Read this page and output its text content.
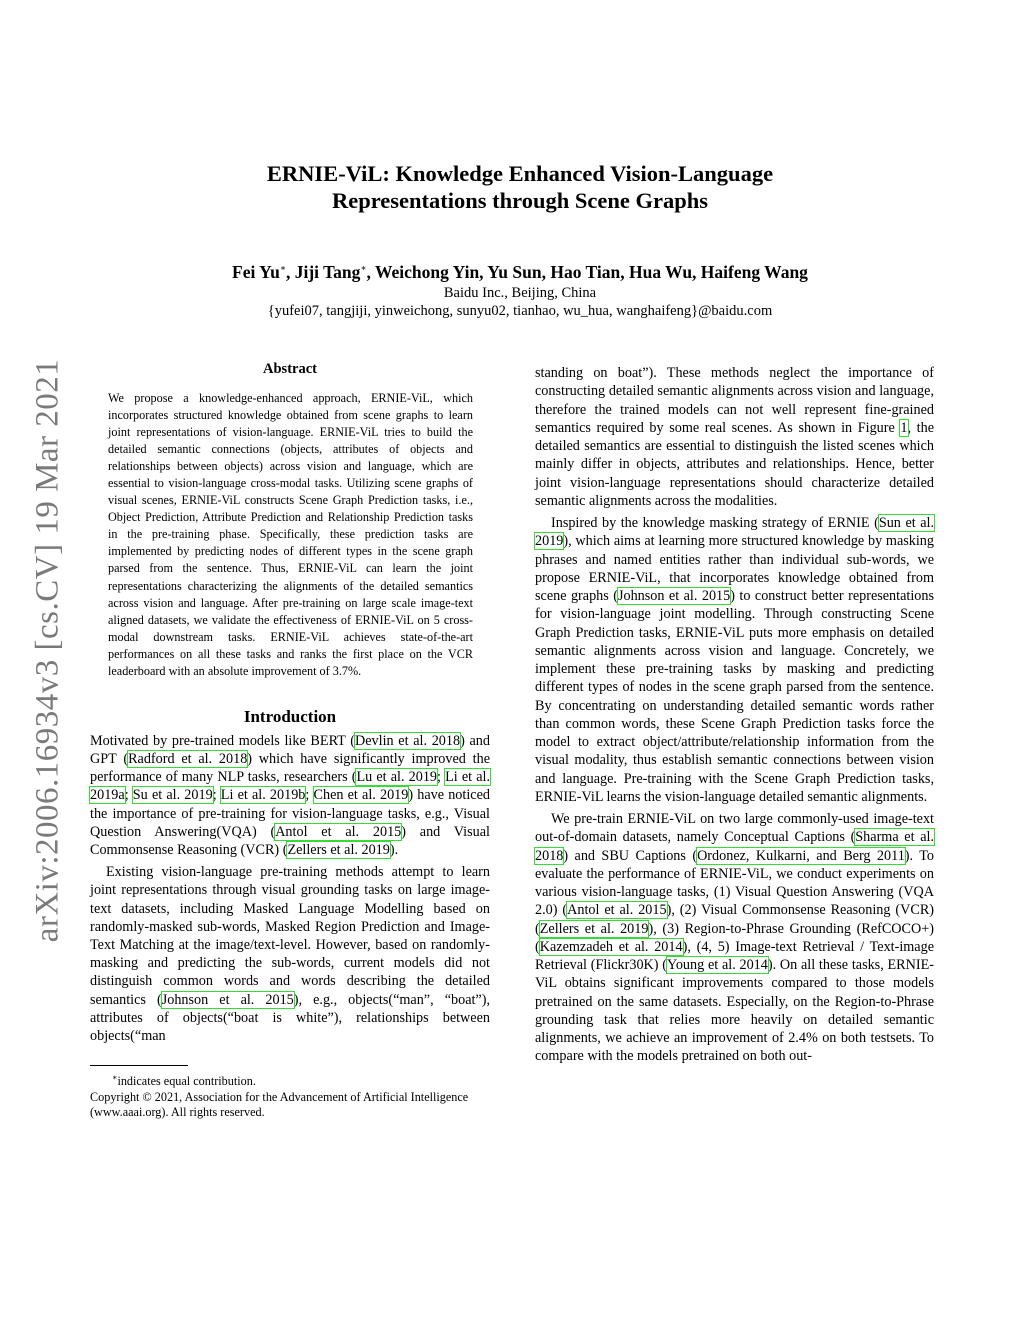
arXiv:2006.16934v3 [cs.CV] 19 Mar 2021
ERNIE-ViL: Knowledge Enhanced Vision-Language
Representations through Scene Graphs
Fei Yu∗, Jiji Tang∗, Weichong Yin, Yu Sun, Hao Tian, Hua Wu, Haifeng Wang
Baidu Inc., Beijing, China
{yufei07, tangjiji, yinweichong, sunyu02, tianhao, wu_hua, wanghaifeng}@baidu.com
Abstract

We propose a knowledge-enhanced approach, ERNIE-ViL, which incorporates structured knowledge obtained from scene graphs to learn joint representations of vision-language. ERNIE-ViL tries to build the detailed semantic connections (objects, attributes of objects and relationships between objects) across vision and language, which are essential to vision-language cross-modal tasks. Utilizing scene graphs of visual scenes, ERNIE-ViL constructs Scene Graph Prediction tasks, i.e., Object Prediction, Attribute Prediction and Relationship Prediction tasks in the pre-training phase. Specifically, these prediction tasks are implemented by predicting nodes of different types in the scene graph parsed from the sentence. Thus, ERNIE-ViL can learn the joint representations characterizing the alignments of the detailed semantics across vision and language. After pre-training on large scale image-text aligned datasets, we validate the effectiveness of ERNIE-ViL on 5 cross-modal downstream tasks. ERNIE-ViL achieves state-of-the-art performances on all these tasks and ranks the first place on the VCR leaderboard with an absolute improvement of 3.7%.

Introduction

Motivated by pre-trained models like BERT (Devlin et al. 2018) and GPT (Radford et al. 2018) which have significantly improved the performance of many NLP tasks, researchers (Lu et al. 2019; Li et al. 2019a; Su et al. 2019; Li et al. 2019b; Chen et al. 2019) have noticed the importance of pre-training for vision-language tasks, e.g., Visual Question Answering(VQA) (Antol et al. 2015) and Visual Commonsense Reasoning (VCR) (Zellers et al. 2019).

Existing vision-language pre-training methods attempt to learn joint representations through visual grounding tasks on large image-text datasets, including Masked Language Modelling based on randomly-masked sub-words, Masked Region Prediction and Image-Text Matching at the image/text-level. However, based on randomly-masking and predicting the sub-words, current models did not distinguish common words and words describing the detailed semantics (Johnson et al. 2015), e.g., objects(“man”, “boat”), attributes of objects(“boat is white”), relationships between objects(“man

∗indicates equal contribution.

Copyright © 2021, Association for the Advancement of Artificial Intelligence (www.aaai.org). All rights reserved.

standing on boat”). These methods neglect the importance of constructing detailed semantic alignments across vision and language, therefore the trained models can not well represent fine-grained semantics required by some real scenes. As shown in Figure 1, the detailed semantics are essential to distinguish the listed scenes which mainly differ in objects, attributes and relationships. Hence, better joint vision-language representations should characterize detailed semantic alignments across the modalities.

Inspired by the knowledge masking strategy of ERNIE (Sun et al. 2019), which aims at learning more structured knowledge by masking phrases and named entities rather than individual sub-words, we propose ERNIE-ViL, that incorporates knowledge obtained from scene graphs (Johnson et al. 2015) to construct better representations for vision-language joint modelling. Through constructing Scene Graph Prediction tasks, ERNIE-ViL puts more emphasis on detailed semantic alignments across vision and language. Concretely, we implement these pre-training tasks by masking and predicting different types of nodes in the scene graph parsed from the sentence. By concentrating on understanding detailed semantic words rather than common words, these Scene Graph Prediction tasks force the model to extract object/attribute/relationship information from the visual modality, thus establish semantic connections between vision and language. Pre-training with the Scene Graph Prediction tasks, ERNIE-ViL learns the vision-language detailed semantic alignments.

We pre-train ERNIE-ViL on two large commonly-used image-text out-of-domain datasets, namely Conceptual Captions (Sharma et al. 2018) and SBU Captions (Ordonez, Kulkarni, and Berg 2011). To evaluate the performance of ERNIE-ViL, we conduct experiments on various vision-language tasks, (1) Visual Question Answering (VQA 2.0) (Antol et al. 2015), (2) Visual Commonsense Reasoning (VCR) (Zellers et al. 2019), (3) Region-to-Phrase Grounding (RefCOCO+) (Kazemzadeh et al. 2014), (4, 5) Image-text Retrieval / Text-image Retrieval (Flickr30K) (Young et al. 2014). On all these tasks, ERNIE-ViL obtains significant improvements compared to those models pretrained on the same datasets. Especially, on the Region-to-Phrase grounding task that relies more heavily on detailed semantic alignments, we achieve an improvement of 2.4% on both testsets. To compare with the models pretrained on both out-
